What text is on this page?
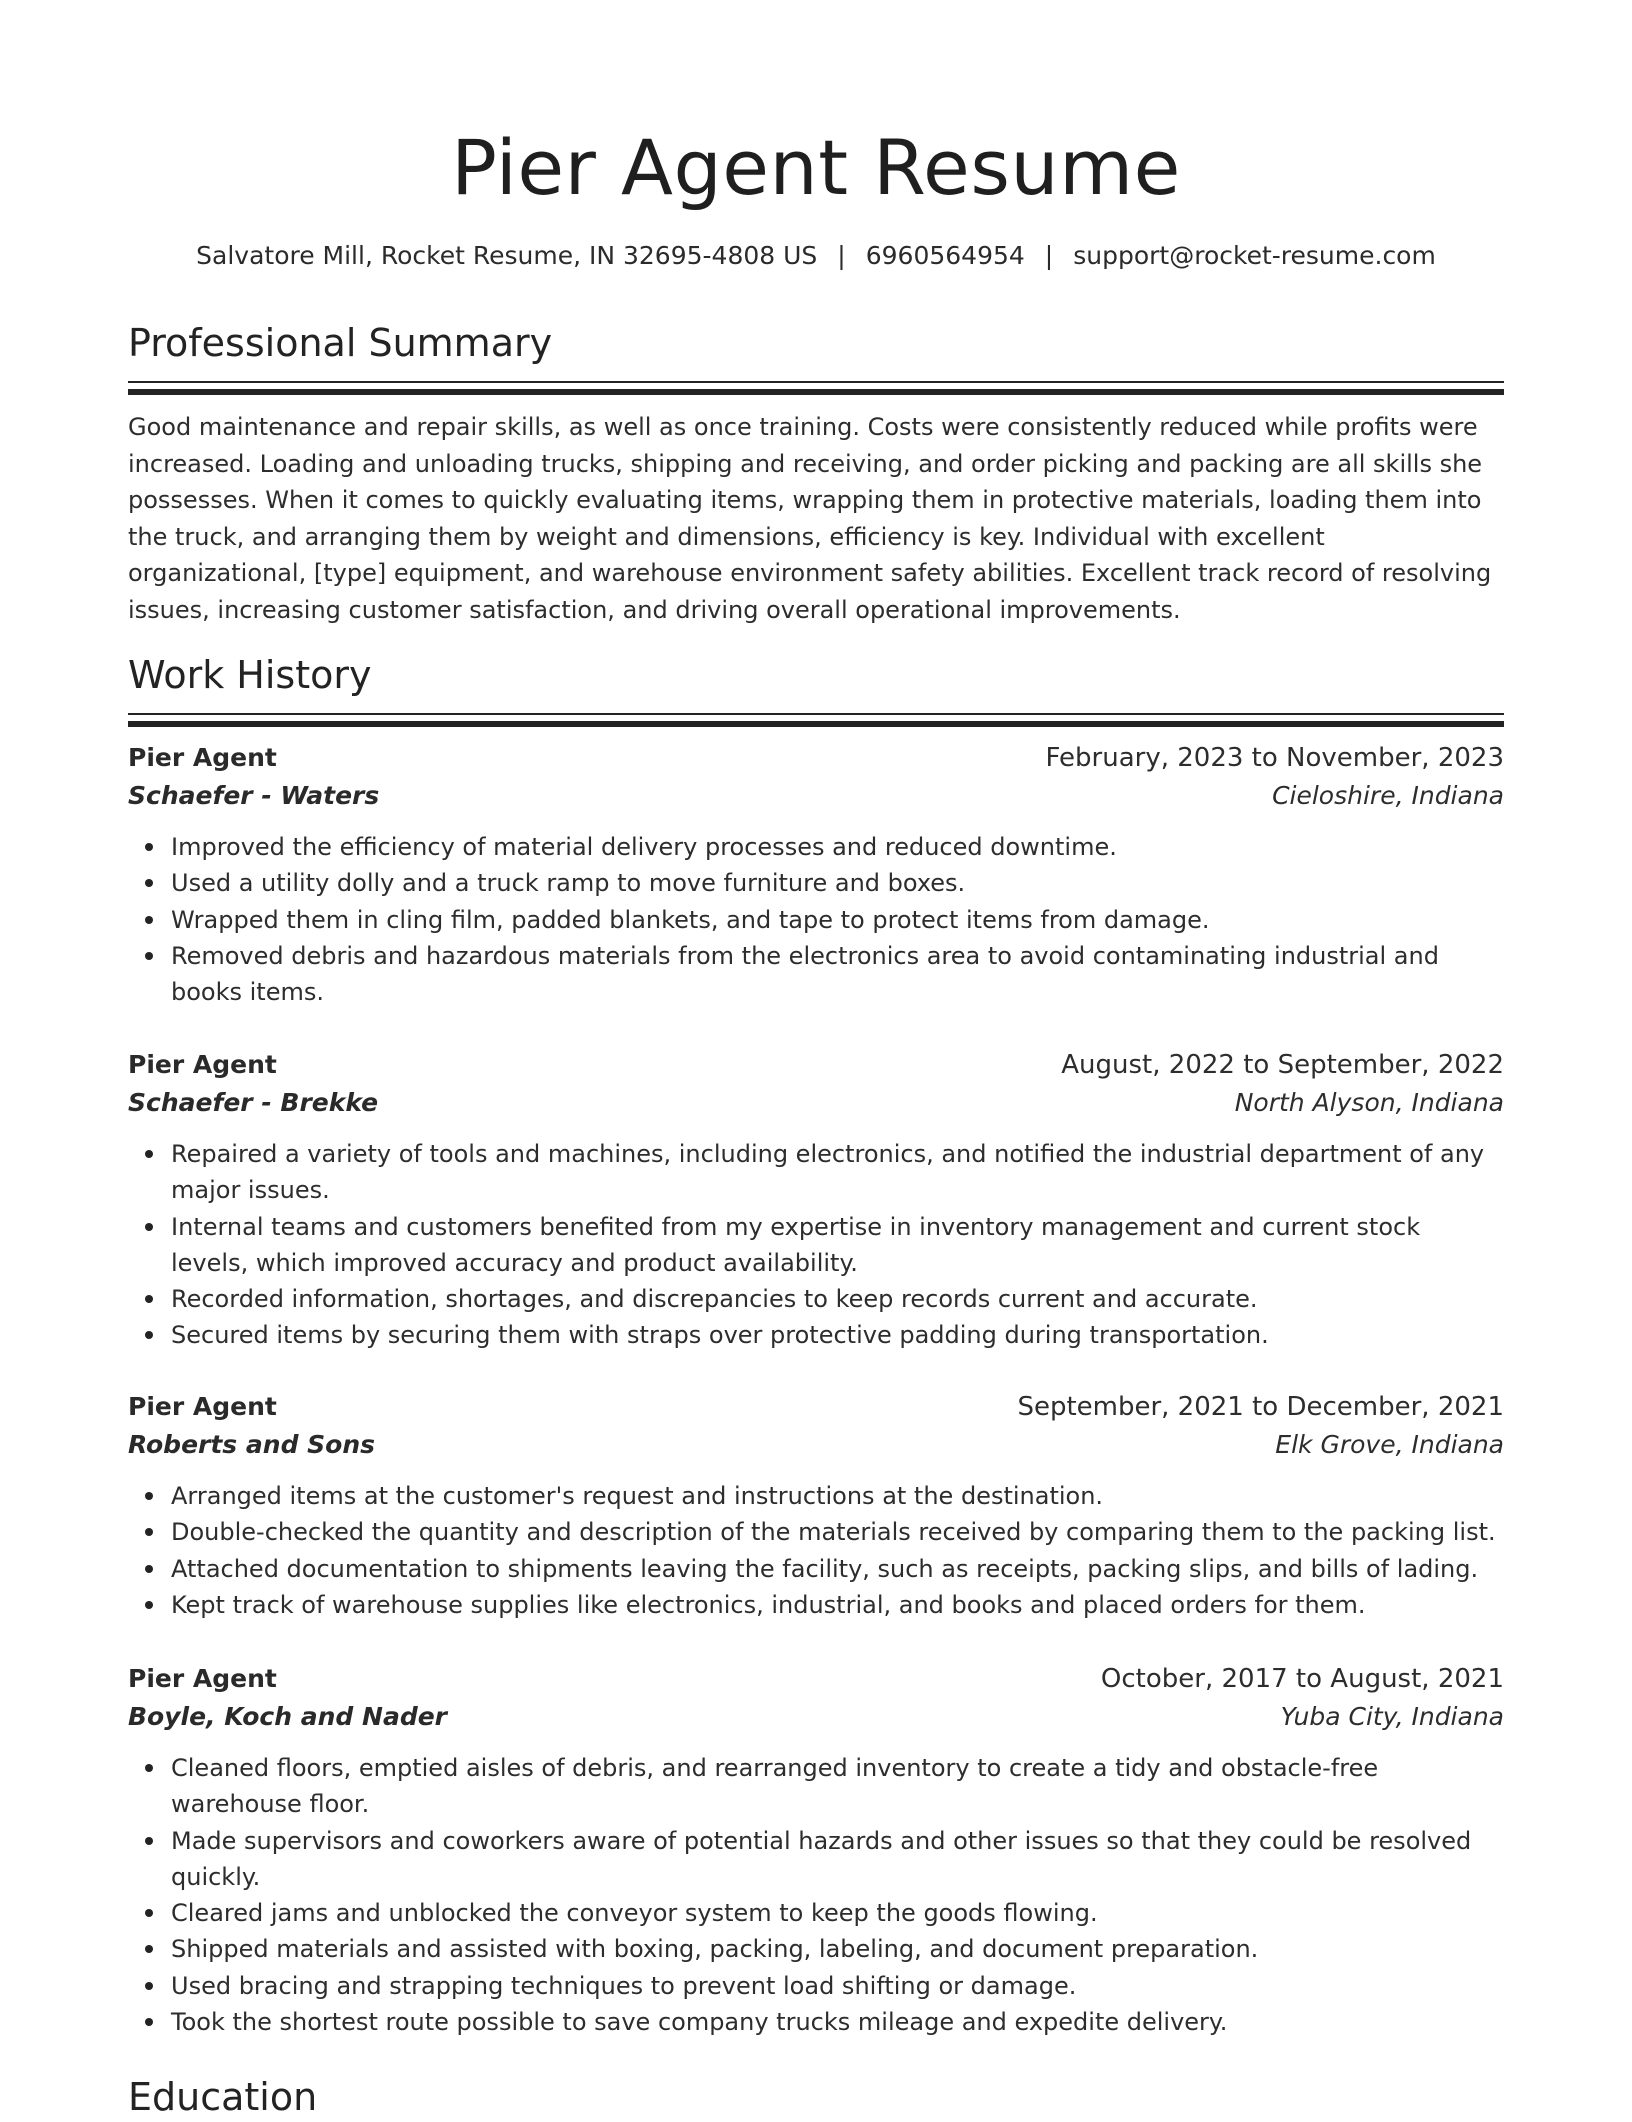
Pier Agent Resume
Salvatore Mill, Rocket Resume, IN 32695-4808 US | 6960564954 | support@rocket-resume.com
Professional Summary

Good maintenance and repair skills, as well as once training. Costs were consistently reduced while profits were increased. Loading and unloading trucks, shipping and receiving, and order picking and packing are all skills she possesses. When it comes to quickly evaluating items, wrapping them in protective materials, loading them into the truck, and arranging them by weight and dimensions, efficiency is key. Individual with excellent organizational, [type] equipment, and warehouse environment safety abilities. Excellent track record of resolving issues, increasing customer satisfaction, and driving overall operational improvements.

Work History
Pier Agent	February, 2023 to November, 2023
Schaefer - Waters	Cieloshire, Indiana
Improved the efficiency of material delivery processes and reduced downtime.
Used a utility dolly and a truck ramp to move furniture and boxes.
Wrapped them in cling film, padded blankets, and tape to protect items from damage.
Removed debris and hazardous materials from the electronics area to avoid contaminating industrial and books items.
Pier Agent	August, 2022 to September, 2022
Schaefer - Brekke	North Alyson, Indiana
Repaired a variety of tools and machines, including electronics, and notified the industrial department of any major issues.
Internal teams and customers benefited from my expertise in inventory management and current stock levels, which improved accuracy and product availability.
Recorded information, shortages, and discrepancies to keep records current and accurate.
Secured items by securing them with straps over protective padding during transportation.
Pier Agent	September, 2021 to December, 2021
Roberts and Sons	Elk Grove, Indiana
Arranged items at the customer's request and instructions at the destination.
Double-checked the quantity and description of the materials received by comparing them to the packing list.
Attached documentation to shipments leaving the facility, such as receipts, packing slips, and bills of lading.
Kept track of warehouse supplies like electronics, industrial, and books and placed orders for them.
Pier Agent	October, 2017 to August, 2021
Boyle, Koch and Nader	Yuba City, Indiana
Cleaned floors, emptied aisles of debris, and rearranged inventory to create a tidy and obstacle-free warehouse floor.
Made supervisors and coworkers aware of potential hazards and other issues so that they could be resolved quickly.
Cleared jams and unblocked the conveyor system to keep the goods flowing.
Shipped materials and assisted with boxing, packing, labeling, and document preparation.
Used bracing and strapping techniques to prevent load shifting or damage.
Took the shortest route possible to save company trucks mileage and expedite delivery.
Education
